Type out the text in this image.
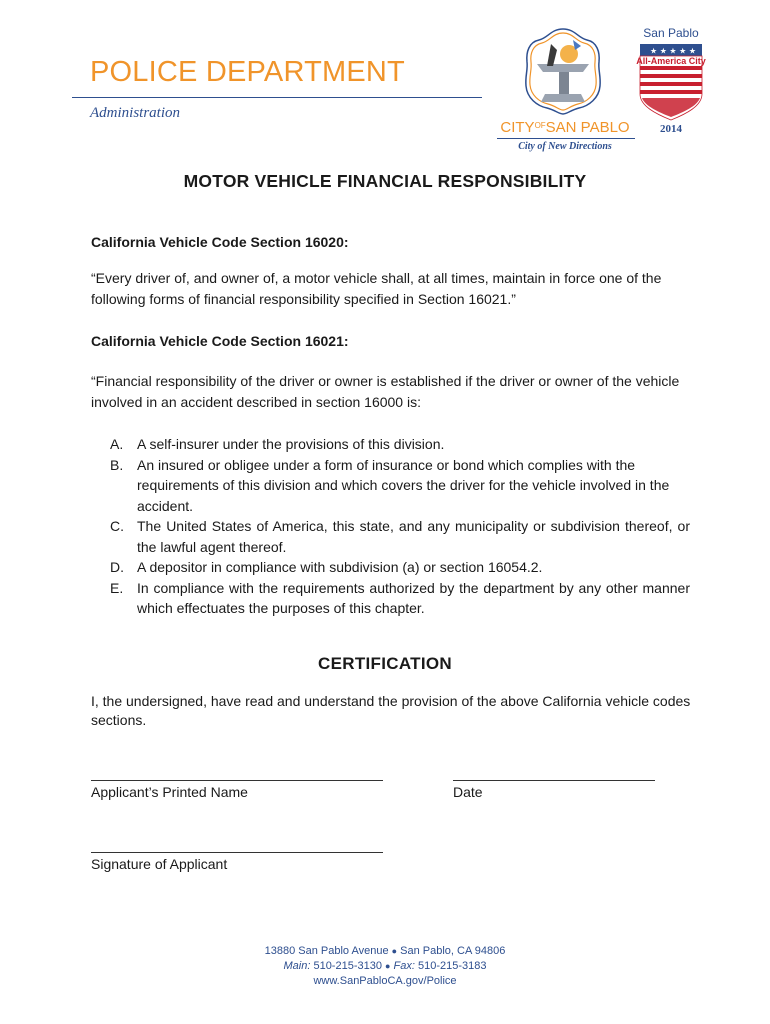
POLICE DEPARTMENT
Administration
$CITY^{OF}SAN$ PABLO
City of New Directions
★ ★ ★ ★ ★
San Pablo
All-America City
2014
MOTOR VEHICLE FINANCIAL RESPONSIBILITY
California Vehicle Code Section 16020:
“Every driver of, and owner of, a motor vehicle shall, at all times, maintain in force one of the following forms of financial responsibility specified in Section 16021.”
California Vehicle Code Section 16021:
“Financial responsibility of the driver or owner is established if the driver or owner of the vehicle involved in an accident described in section 16000 is:
A. A self-insurer under the provisions of this division.
B. An insured or obligee under a form of insurance or bond which complies with the requirements of this division and which covers the driver for the vehicle involved in the accident.
C. The United States of America, this state, and any municipality or subdivision thereof, or the lawful agent thereof.
D. A depositor in compliance with subdivision (a) or section 16054.2.
E. In compliance with the requirements authorized by the department by any other manner which effectuates the purposes of this chapter.
CERTIFICATION
I, the undersigned, have read and understand the provision of the above California vehicle codes sections.
Applicant’s Printed Name	Date
Signature of Applicant
13880 San Pablo Avenue ● San Pablo, CA 94806
Main: 510-215-3130 ● Fax: 510-215-3183
www.SanPabloCA.gov/Police
